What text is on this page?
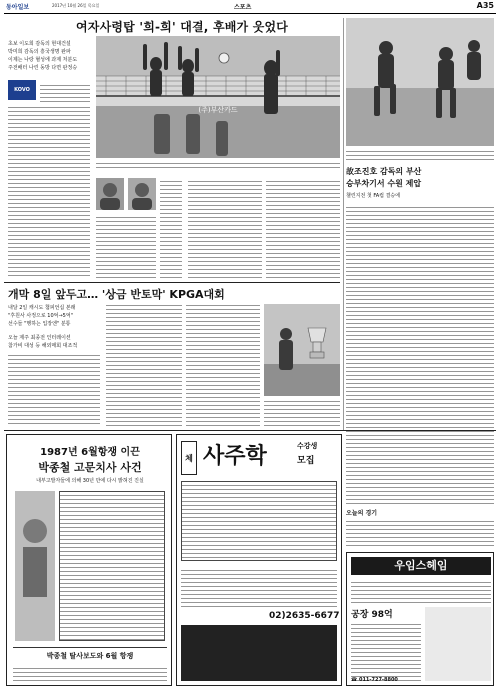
동아일보	2017년 10월 26일 목요일	스포츠	A35
여자사령탑 '희-희' 대결, 후배가 웃었다
초보 이도희 감독의 현대건설
박미희 감독의 흥국생명 완파
이제는 나랑 혈성에 과제 처분도
주전배터 나린 동방 다면 판정승
KOVO
(주)부산카드
故조진호 감독의 부산
승부차기서 수원 제압
챌린지전 첫 FA컵 결승에
오늘의 경기
개막 8일 앞두고… '상금 반토막' KPGA대회
내달 2일 캐시도 챔피언십 본래
"후원사 사정으로 10억→5억"
선수들 "행하는 입장엔" 분통
오늘 제주 최종전 인터레이션
참가비 대성 등 해외매회 대조적
1987년 6월항쟁 이끈
박종철 고문치사 사건
내부고발자들에 의해 30년 만에 다시 밝혀진 진실
박종철 탈사보도와 6월 항쟁
체 사주학	수강생
모집
02)2635-6677
우임스헤임
공장 98억
☎ 011-727-8800
